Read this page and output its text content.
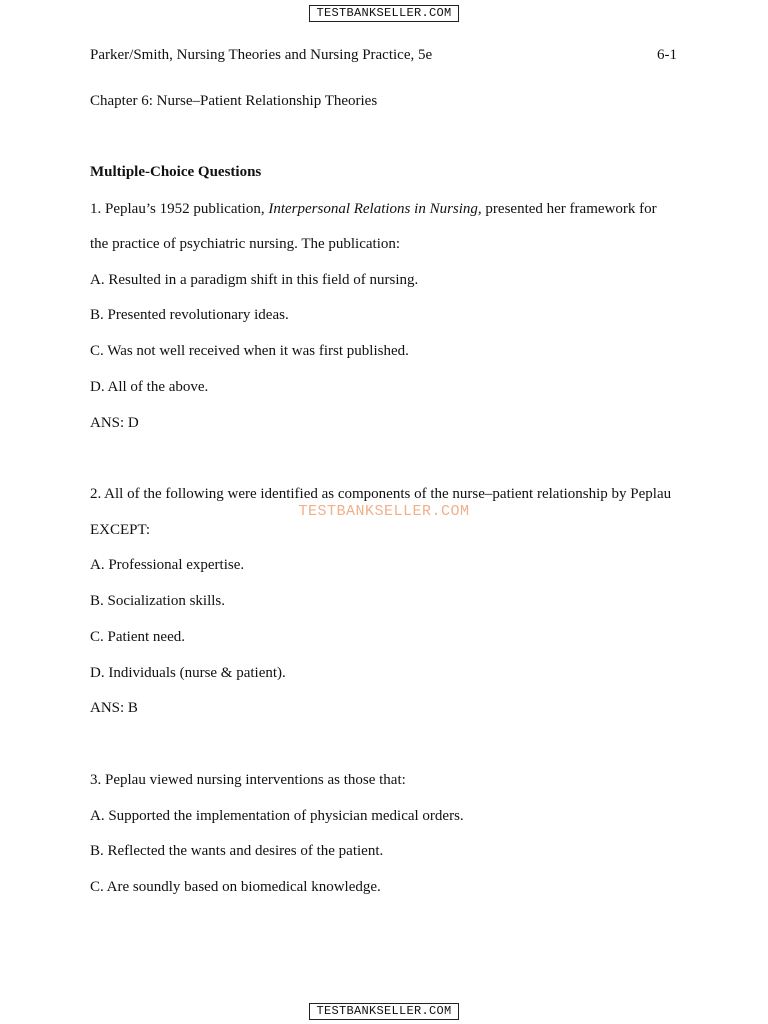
TESTBANKSELLER.COM
Parker/Smith, Nursing Theories and Nursing Practice, 5e	6-1
Chapter 6: Nurse–Patient Relationship Theories
Multiple-Choice Questions
1. Peplau’s 1952 publication, Interpersonal Relations in Nursing, presented her framework for
the practice of psychiatric nursing. The publication:
A. Resulted in a paradigm shift in this field of nursing.
B. Presented revolutionary ideas.
C. Was not well received when it was first published.
D. All of the above.
ANS: D
2. All of the following were identified as components of the nurse–patient relationship by Peplau
TESTBANKSELLER.COM
EXCEPT:
A. Professional expertise.
B. Socialization skills.
C. Patient need.
D. Individuals (nurse & patient).
ANS: B
3. Peplau viewed nursing interventions as those that:
A. Supported the implementation of physician medical orders.
B. Reflected the wants and desires of the patient.
C. Are soundly based on biomedical knowledge.
TESTBANKSELLER.COM
